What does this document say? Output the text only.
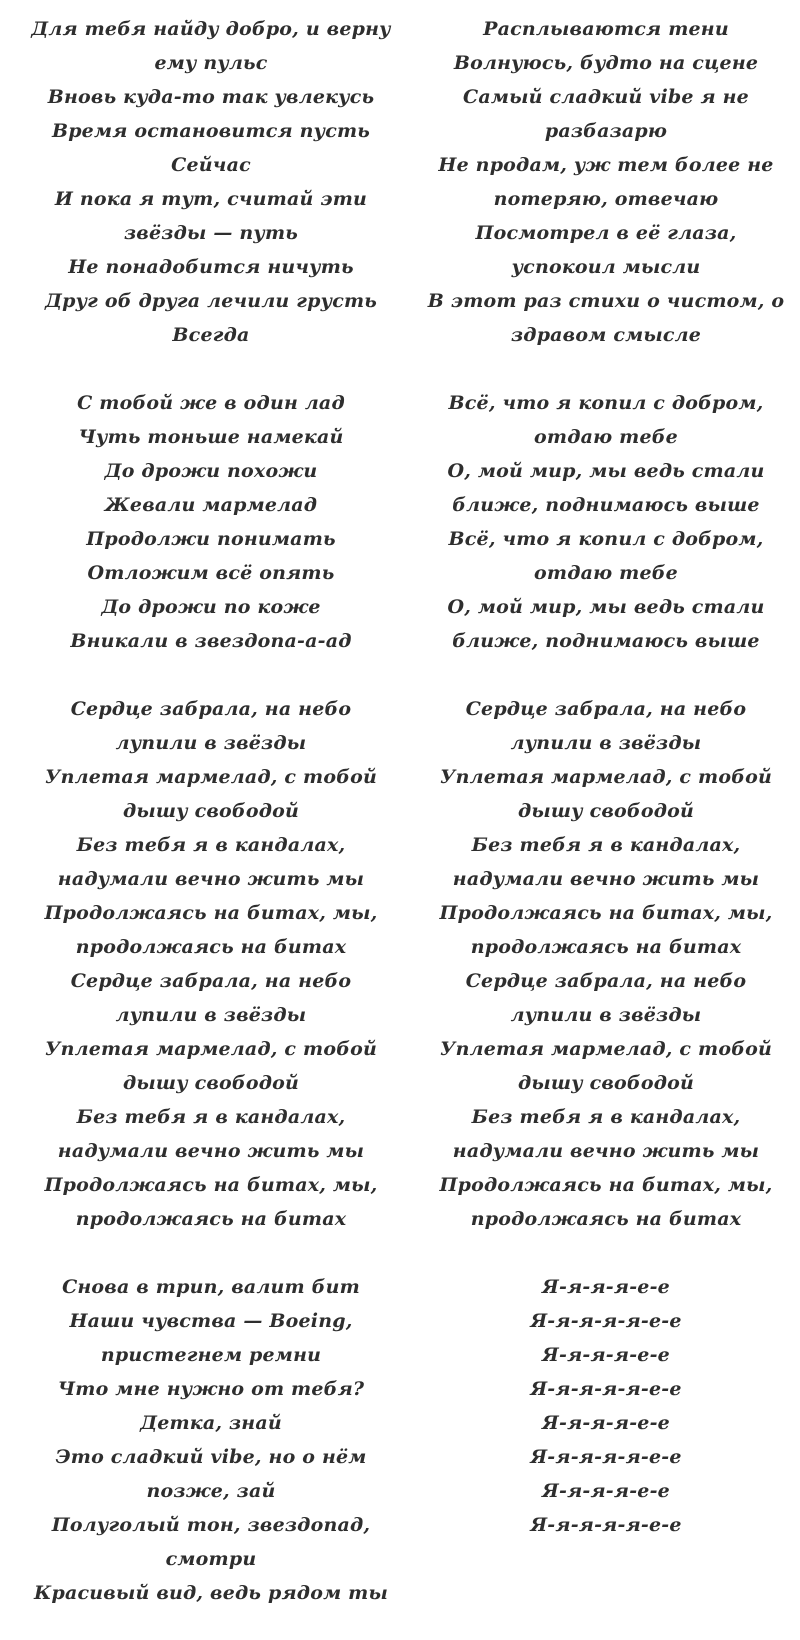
Для тебя найду добро, и верну ему пульс
Вновь куда-то так увлекусь
Время остановится пусть
Сейчас
И пока я тут, считай эти звёзды — путь
Не понадобится ничуть
Друг об друга лечили грусть
Всегда
С тобой же в один лад
Чуть тоньше намекай
До дрожи похожи
Жевали мармелад
Продолжи понимать
Отложим всё опять
До дрожи по коже
Вникали в звездопа-а-ад
Сердце забрала, на небо лупили в звёзды
Уплетая мармелад, с тобой дышу свободой
Без тебя я в кандалах, надумали вечно жить мы
Продолжаясь на битах, мы, продолжаясь на битах
Сердце забрала, на небо лупили в звёзды
Уплетая мармелад, с тобой дышу свободой
Без тебя я в кандалах, надумали вечно жить мы
Продолжаясь на битах, мы, продолжаясь на битах
Снова в трип, валит бит
Наши чувства — Boeing, пристегнем ремни
Что мне нужно от тебя? Детка, знай
Это сладкий vibe, но о нём позже, зай
Полуголый тон, звездопад, смотри
Красивый вид, ведь рядом ты
Расплываются тени
Волнуюсь, будто на сцене
Самый сладкий vibe я не разбазарю
Не продам, уж тем более не потеряю, отвечаю
Посмотрел в её глаза, успокоил мысли
В этот раз стихи о чистом, о здравом смысле
Всё, что я копил с добром, отдаю тебе
О, мой мир, мы ведь стали ближе, поднимаюсь выше
Всё, что я копил с добром, отдаю тебе
О, мой мир, мы ведь стали ближе, поднимаюсь выше
Сердце забрала, на небо лупили в звёзды
Уплетая мармелад, с тобой дышу свободой
Без тебя я в кандалах, надумали вечно жить мы
Продолжаясь на битах, мы, продолжаясь на битах
Сердце забрала, на небо лупили в звёзды
Уплетая мармелад, с тобой дышу свободой
Без тебя я в кандалах, надумали вечно жить мы
Продолжаясь на битах, мы, продолжаясь на битах
Я-я-я-я-е-е
Я-я-я-я-я-е-е
Я-я-я-я-е-е
Я-я-я-я-я-е-е
Я-я-я-я-е-е
Я-я-я-я-я-е-е
Я-я-я-я-е-е
Я-я-я-я-я-е-е
